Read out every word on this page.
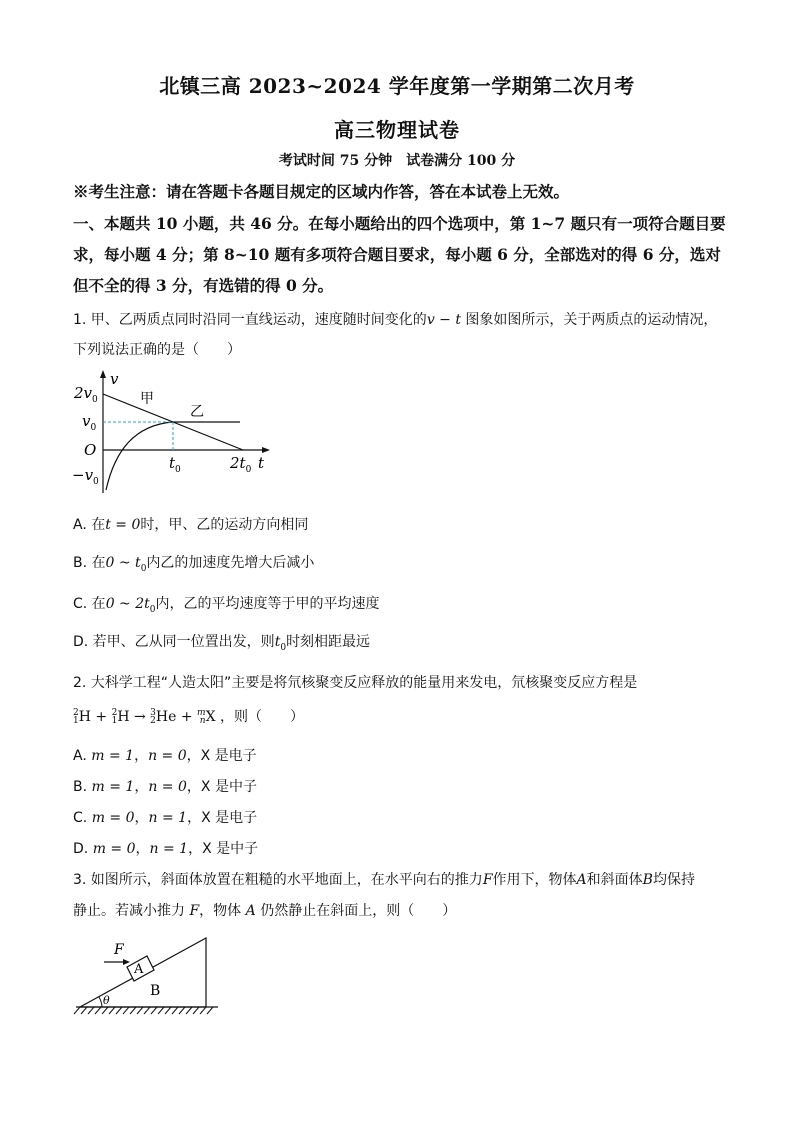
北镇三高 2023~2024 学年度第一学期第二次月考
高三物理试卷
考试时间 75 分钟　试卷满分 100 分
※考生注意：请在答题卡各题目规定的区域内作答，答在本试卷上无效。
一、本题共 10 小题，共 46 分。在每小题给出的四个选项中，第 1~7 题只有一项符合题目要
求，每小题 4 分；第 8~10 题有多项符合题目要求，每小题 6 分，全部选对的得 6 分，选对
但不全的得 3 分，有选错的得 0 分。
1. 甲、乙两质点同时沿同一直线运动，速度随时间变化的v − t 图象如图所示，关于两质点的运动情况，
下列说法正确的是（　　）
v
$2v_0$
$v_0$
O
$-v_0$
$t_0$	$2t_0$ t
甲
乙
A. 在t = 0时，甲、乙的运动方向相同
B. 在0 ~ $t_0$内乙的加速度先增大后减小
C. 在0 ~ $2t_0$内，乙的平均速度等于甲的平均速度
D. 若甲、乙从同一位置出发，则$t_0$时刻相距最远
2. 大科学工程“人造太阳”主要是将氘核聚变反应释放的能量用来发电，氘核聚变反应方程是
2
1 H + 2
1 H → 3
2 He + m
n X ，则（　　）
A. m = 1，n = 0，X 是电子
B. m = 1，n = 0，X 是中子
C. m = 0，n = 1，X 是电子
D. m = 0，n = 1，X 是中子
3. 如图所示，斜面体放置在粗糙的水平地面上，在水平向右的推力F作用下，物体A和斜面体B均保持
静止。若减小推力 F，物体 A 仍然静止在斜面上，则（　　）
F
A
B
θ
